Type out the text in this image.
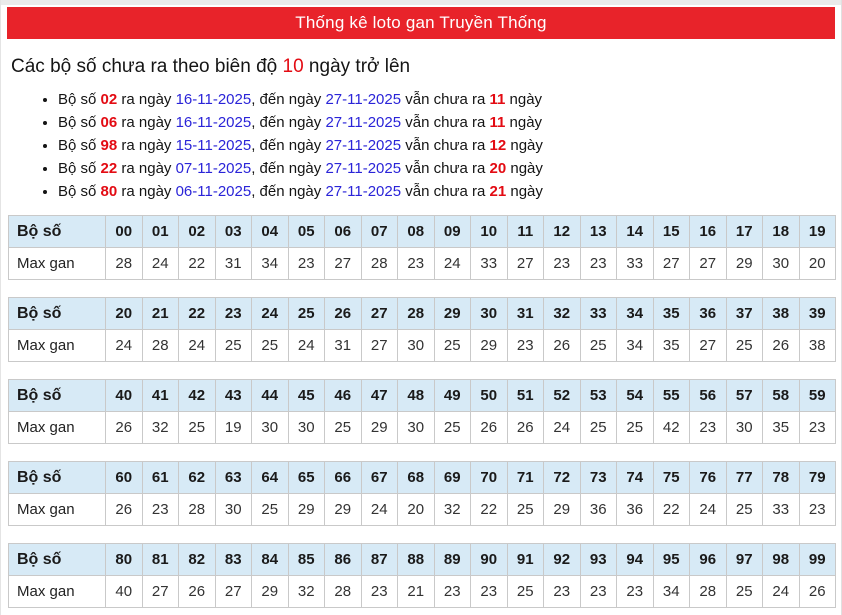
Thống kê loto gan Truyền Thống
Các bộ số chưa ra theo biên độ 10 ngày trở lên
• Bộ số 02 ra ngày 16-11-2025, đến ngày 27-11-2025 vẫn chưa ra 11 ngày
• Bộ số 06 ra ngày 16-11-2025, đến ngày 27-11-2025 vẫn chưa ra 11 ngày
• Bộ số 98 ra ngày 15-11-2025, đến ngày 27-11-2025 vẫn chưa ra 12 ngày
• Bộ số 22 ra ngày 07-11-2025, đến ngày 27-11-2025 vẫn chưa ra 20 ngày
• Bộ số 80 ra ngày 06-11-2025, đến ngày 27-11-2025 vẫn chưa ra 21 ngày
Bộ số	00	01	02	03	04	05	06	07	08	09	10	11	12	13	14	15	16	17	18	19
Max gan	28	24	22	31	34	23	27	28	23	24	33	27	23	23	33	27	27	29	30	20
Bộ số	20	21	22	23	24	25	26	27	28	29	30	31	32	33	34	35	36	37	38	39
Max gan	24	28	24	25	25	24	31	27	30	25	29	23	26	25	34	35	27	25	26	38
Bộ số	40	41	42	43	44	45	46	47	48	49	50	51	52	53	54	55	56	57	58	59
Max gan	26	32	25	19	30	30	25	29	30	25	26	26	24	25	25	42	23	30	35	23
Bộ số	60	61	62	63	64	65	66	67	68	69	70	71	72	73	74	75	76	77	78	79
Max gan	26	23	28	30	25	29	29	24	20	32	22	25	29	36	36	22	24	25	33	23
Bộ số	80	81	82	83	84	85	86	87	88	89	90	91	92	93	94	95	96	97	98	99
Max gan	40	27	26	27	29	32	28	23	21	23	23	25	23	23	23	34	28	25	24	26
